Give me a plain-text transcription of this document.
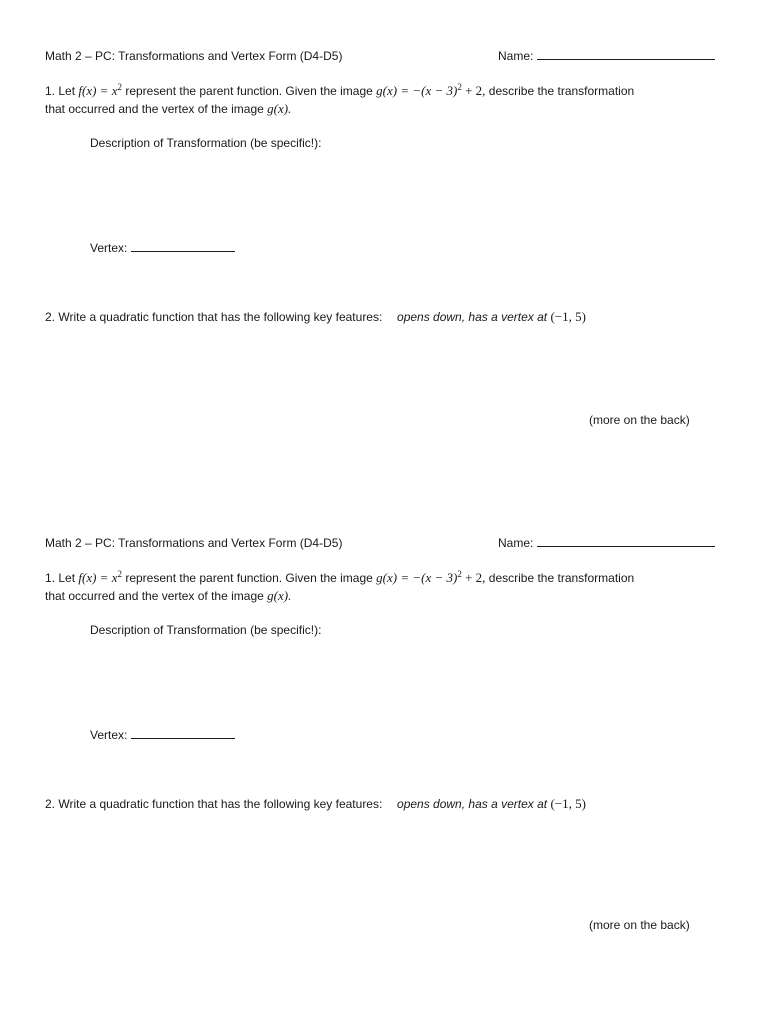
Math 2 – PC: Transformations and Vertex Form (D4-D5)	Name:
1. Let $f(x) = x^2$ represent the parent function. Given the image $g(x) = -(x - 3)^2 + 2$, describe the transformation
that occurred and the vertex of the image g(x).
Description of Transformation (be specific!):
Vertex:
2. Write a quadratic function that has the following key features: opens down, has a vertex at (−1, 5)
(more on the back)
Math 2 – PC: Transformations and Vertex Form (D4-D5)	Name:
1. Let $f(x) = x^2$ represent the parent function. Given the image $g(x) = -(x - 3)^2 + 2$, describe the transformation
that occurred and the vertex of the image g(x).
Description of Transformation (be specific!):
Vertex:
2. Write a quadratic function that has the following key features: opens down, has a vertex at (−1, 5)
(more on the back)
